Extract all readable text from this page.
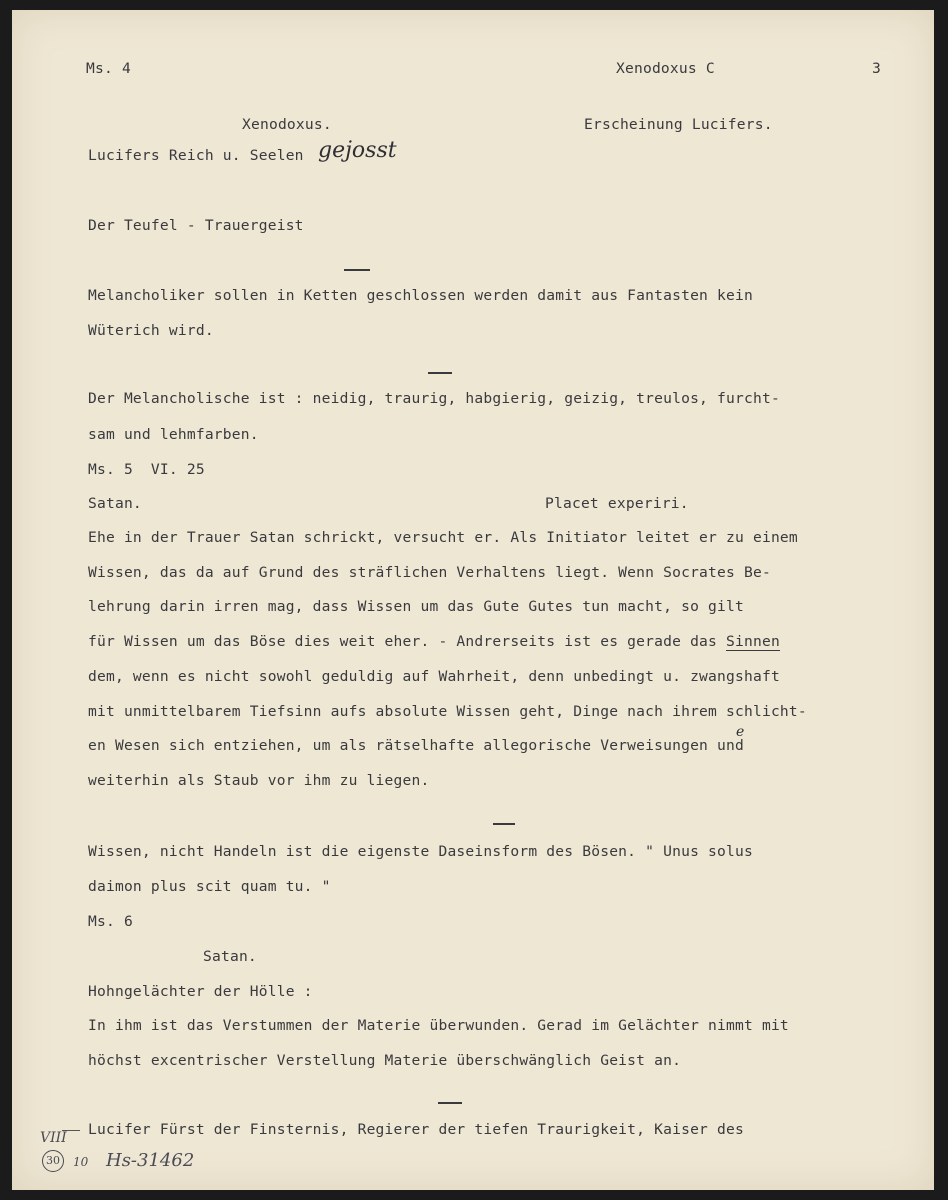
Ms. 4	Xenodoxus C	3
Xenodoxus.	Erscheinung Lucifers.
Lucifers Reich u. Seelen gejosst
Der Teufel - Trauergeist
Melancholiker sollen in Ketten geschlossen werden damit aus Fantasten kein
Wüterich wird.
Der Melancholische ist : neidig, traurig, habgierig, geizig, treulos, furcht-
sam und lehmfarben.
Ms. 5  VI. 25
Satan.	Placet experiri.
Ehe in der Trauer Satan schrickt, versucht er. Als Initiator leitet er zu einem
Wissen, das da auf Grund des sträflichen Verhaltens liegt. Wenn Socrates Be-
lehrung darin irren mag, dass Wissen um das Gute Gutes tun macht, so gilt
für Wissen um das Böse dies weit eher. - Andrerseits ist es gerade das Sinnen
dem, wenn es nicht sowohl geduldig auf Wahrheit, denn unbedingt u. zwangshaft
mit unmittelbarem Tiefsinn aufs absolute Wissen geht, Dinge nach ihrem schlicht-
en Wesen sich entziehen, um als rätselhafte allegorische Verweisungen und
e
weiterhin als Staub vor ihm zu liegen.
Wissen, nicht Handeln ist die eigenste Daseinsform des Bösen. " Unus solus
daimon plus scit quam tu. "
Ms. 6
Satan.
Hohngelächter der Hölle :
In ihm ist das Verstummen der Materie überwunden. Gerad im Gelächter nimmt mit
höchst excentrischer Verstellung Materie überschwänglich Geist an.
Lucifer Fürst der Finsternis, Regierer der tiefen Traurigkeit, Kaiser des
VIII
30	10 Hs-31462
